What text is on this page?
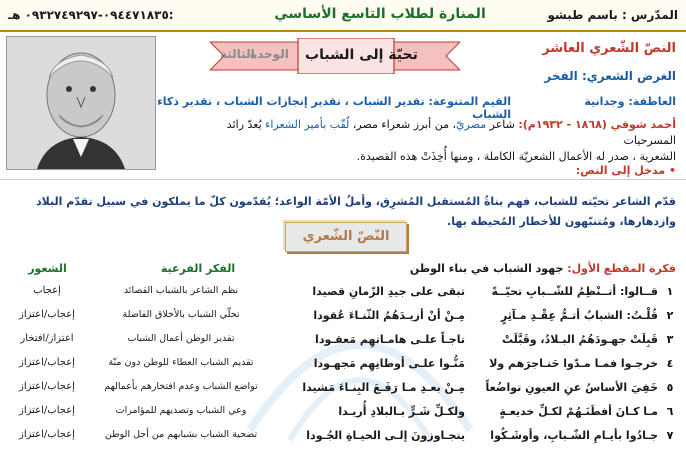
المدّرس : باسم طبشو
المنارة لطلاب التاسع الأساسي
٠٩٤٤٧١٨٣٥-٠٩٣٢٧٤٩٢٩٧ هـ:
الوحدة
الثالثة	تحيّة إلى الشباب	النصّ الشّعري العاشر
الغرض الشعري: الفخر
العاطفة: وجدانية
القيم المتنوعة: تقدير الشباب ، تقدير إنجازات الشباب ، تقدير ذكاء الشباب
أحمد شوقي (١٨٦٨ - ١٩٣٢م): شاعر مصريّ، من أبرز شعراء مصر، لُقّب بأمير الشعراء يُعدّ رائد المسرحيات
الشعرية ، صدر له الأعمال الشعريّة الكاملة ، ومنها أُخِذَتْ هذه القصيدة.
• مدخل إلى النص:
قدّم الشاعر تحيّته للشباب، فهم بناةُ المُستقبل المُشرِق، وأملُ الأمّة الواعد؛ يُقدّمون كلّ ما يملكون في سبيل تقدّم البلاد وازدهارها، ومُتنبّهون للأخطار المُحيطة بها.
النّصّ الشّعري
فكرة المقطع الأول: جهود الشباب في بناء الوطن
الفكر الفرعية
الشعور
١
قــالوا: أتــنْظِمُ للشّــبابِ تحيّــةً
تبقى على جيدِ الزّمانِ قصيدا
نظم الشاعر بالشباب القصائد
إعجاب
٢
قُلْـتُ: الشبابُ أتـمُّ عِقْـدِ مـآثِرٍ
مِـنْ أنْ أزيـدَهُمُ الثّنـاءَ عُقودا
تحلّي الشباب بالأخلاق الفاضلة
إعجاب/اعتزاز
٣
قَبِلَتْ جهـودَهُمُ البـلادُ، وقَبَّلَتْ
تاجـاً علـى هامـاتهِم مَعقـودا
تقدير الوطن أعمال الشباب
اعتزاز/افتخار
٤
خرجـوا فمـا مـدّوا حَنـاجرَهم ولا
مَنُّـوا علـى أوطانِهِم مَجهـودا
تقديم الشباب العطاء للوطن دون منّة
إعجاب/اعتزاز
٥
خَفِيَ الأساسُ عنِ العيونِ تواضُعاً
مِـنْ بعـدِ مـا رَفَـعَ البِنـاءَ مَشيدا
تواضع الشباب وعدم افتخارهم بأعمالهم
إعجاب/اعتزاز
٦
مـا كـانَ أفطَنَـهُمْ لكـلِّ خديعـةٍ
ولكـلِّ شَـرٍّ بـالبلادِ أُريـدا
وعي الشباب وتصديهم للمؤامرات
إعجاب/اعتزاز
٧
جـادُوا بأيـامِ الشّـبابِ، وأوشَـكُوا
يتجـاوزونَ إلـى الحيـاةِ الجُـودا
تضحية الشباب بشبابهم من أجل الوطن
إعجاب/اعتزاز
